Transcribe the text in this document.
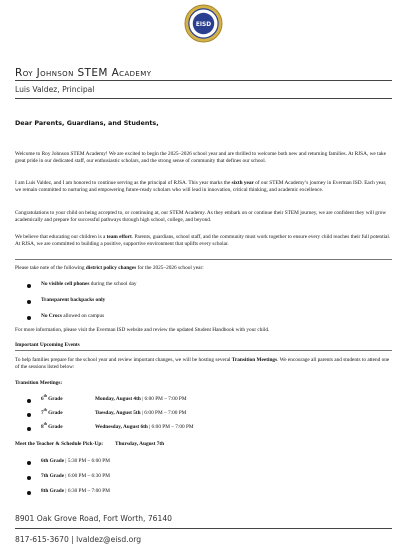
EISD
Roy Johnson STEM Academy
Luis Valdez, Principal
Dear Parents, Guardians, and Students,
Welcome to Roy Johnson STEM Academy! We are excited to begin the 2025–2026 school year and are thrilled to welcome both new and returning families. At RJSA, we take great pride in our dedicated staff, our enthusiastic scholars, and the strong sense of community that defines our school.
I am Luis Valdez, and I am honored to continue serving as the principal of RJSA. This year marks the sixth year of our STEM Academy’s journey in Everman ISD. Each year, we remain committed to nurturing and empowering future-ready scholars who will lead in innovation, critical thinking, and academic excellence.
Congratulations to your child on being accepted to, or continuing at, our STEM Academy. As they embark on or continue their STEM journey, we are confident they will grow academically and prepare for successful pathways through high school, college, and beyond.
We believe that educating our children is a team effort. Parents, guardians, school staff, and the community must work together to ensure every child reaches their full potential. At RJSA, we are committed to building a positive, supportive environment that uplifts every scholar.
Please take note of the following district policy changes for the 2025–2026 school year:
No visible cell phones during the school day
Transparent backpacks only
No Crocs allowed on campus
For more information, please visit the Everman ISD website and review the updated Student Handbook with your child.
Important Upcoming Events
To help families prepare for the school year and review important changes, we will be hosting several Transition Meetings. We encourage all parents and students to attend one of the sessions listed below:
Transition Meetings:
6th Grade	Monday, August 4th | 6:00 PM – 7:00 PM
7th Grade	Tuesday, August 5th | 6:00 PM – 7:00 PM
8th Grade	Wednesday, August 6th | 6:00 PM – 7:00 PM
Meet the Teacher & Schedule Pick-Up: Thursday, August 7th
6th Grade | 5:30 PM – 6:00 PM
7th Grade | 6:00 PM – 6:30 PM
8th Grade | 6:30 PM – 7:00 PM
8901 Oak Grove Road, Fort Worth, 76140
817-615-3670 | lvaldez@eisd.org
